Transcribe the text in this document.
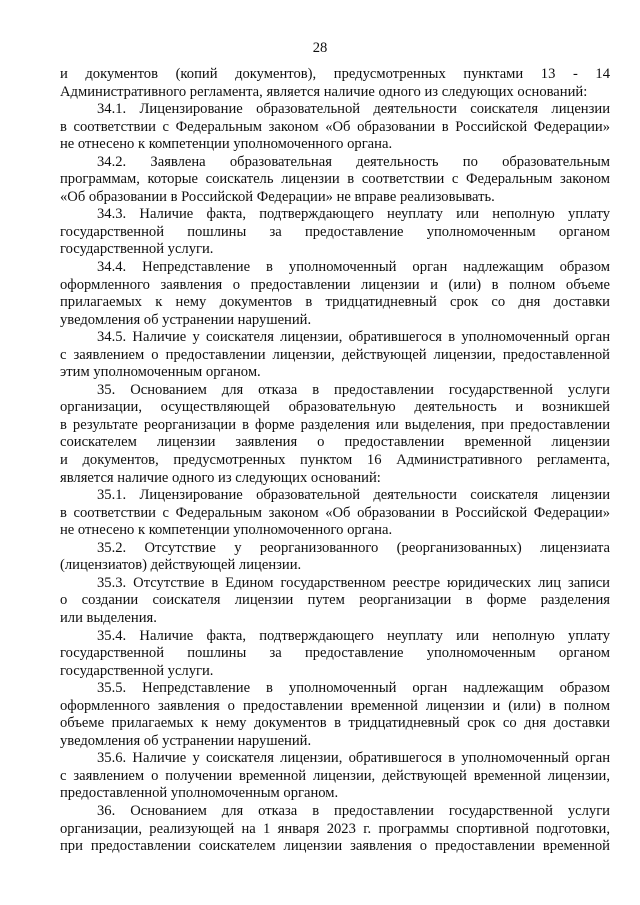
28
и документов (копий документов), предусмотренных пунктами 13 - 14
Административного регламента, является наличие одного из следующих оснований:
34.1. Лицензирование образовательной деятельности соискателя лицензии
в соответствии с Федеральным законом «Об образовании в Российской Федерации»
не отнесено к компетенции уполномоченного органа.
34.2. Заявлена образовательная деятельность по образовательным
программам, которые соискатель лицензии в соответствии с Федеральным законом
«Об образовании в Российской Федерации» не вправе реализовывать.
34.3. Наличие факта, подтверждающего неуплату или неполную уплату
государственной пошлины за предоставление уполномоченным органом
государственной услуги.
34.4. Непредставление в уполномоченный орган надлежащим образом
оформленного заявления о предоставлении лицензии и (или) в полном объеме
прилагаемых к нему документов в тридцатидневный срок со дня доставки
уведомления об устранении нарушений.
34.5. Наличие у соискателя лицензии, обратившегося в уполномоченный орган
с заявлением о предоставлении лицензии, действующей лицензии, предоставленной
этим уполномоченным органом.
35. Основанием для отказа в предоставлении государственной услуги
организации, осуществляющей образовательную деятельность и возникшей
в результате реорганизации в форме разделения или выделения, при предоставлении
соискателем лицензии заявления о предоставлении временной лицензии
и документов, предусмотренных пунктом 16 Административного регламента,
является наличие одного из следующих оснований:
35.1. Лицензирование образовательной деятельности соискателя лицензии
в соответствии с Федеральным законом «Об образовании в Российской Федерации»
не отнесено к компетенции уполномоченного органа.
35.2. Отсутствие у реорганизованного (реорганизованных) лицензиата
(лицензиатов) действующей лицензии.
35.3. Отсутствие в Едином государственном реестре юридических лиц записи
о создании соискателя лицензии путем реорганизации в форме разделения
или выделения.
35.4. Наличие факта, подтверждающего неуплату или неполную уплату
государственной пошлины за предоставление уполномоченным органом
государственной услуги.
35.5. Непредставление в уполномоченный орган надлежащим образом
оформленного заявления о предоставлении временной лицензии и (или) в полном
объеме прилагаемых к нему документов в тридцатидневный срок со дня доставки
уведомления об устранении нарушений.
35.6. Наличие у соискателя лицензии, обратившегося в уполномоченный орган
с заявлением о получении временной лицензии, действующей временной лицензии,
предоставленной уполномоченным органом.
36. Основанием для отказа в предоставлении государственной услуги
организации, реализующей на 1 января 2023 г. программы спортивной подготовки,
при предоставлении соискателем лицензии заявления о предоставлении временной
